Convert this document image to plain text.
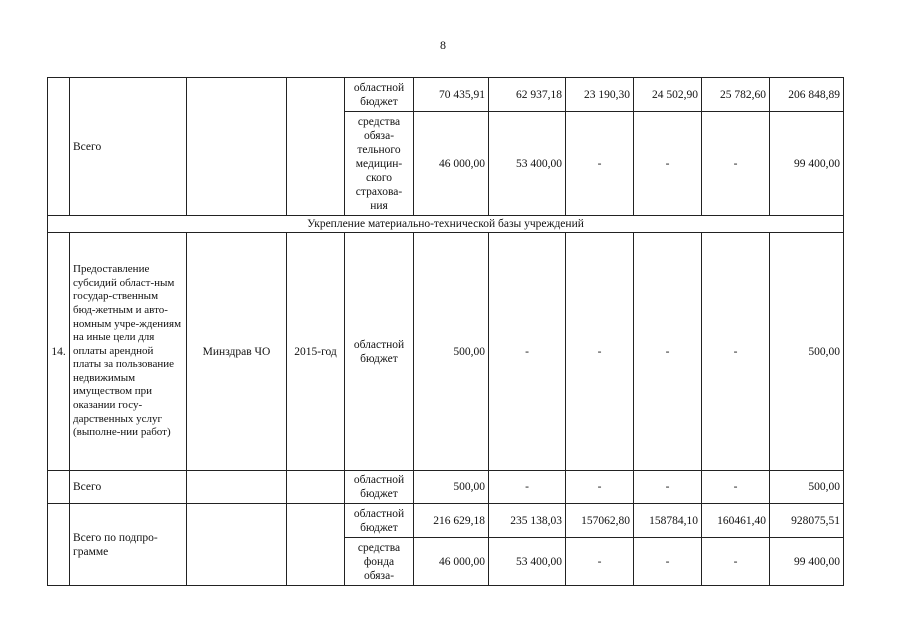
8
	Всего			областной бюджет	70 435,91	62 937,18	23 190,30	24 502,90	25 782,60	206 848,89
				средства обяза-тельного медицин-ского страхова-ния	46 000,00	53 400,00	-	-	-	99 400,00
Укрепление материально-технической базы учреждений										
14.	Предоставление субсидий област-ным государ-ственным бюд-жетным и авто-номным учре-ждениям на иные цели для оплаты арендной платы за пользование недвижимым имуществом при оказании госу-дарственных услуг (выполне-нии работ)	Минздрав ЧО	2015-год	областной бюджет	500,00	-	-	-	-	500,00
	Всего			областной бюджет	500,00	-	-	-	-	500,00
	Всего по подпро-грамме			областной бюджет	216 629,18	235 138,03	157062,80	158784,10	160461,40	928075,51
				средства фонда обяза-	46 000,00	53 400,00	-	-	-	99 400,00
